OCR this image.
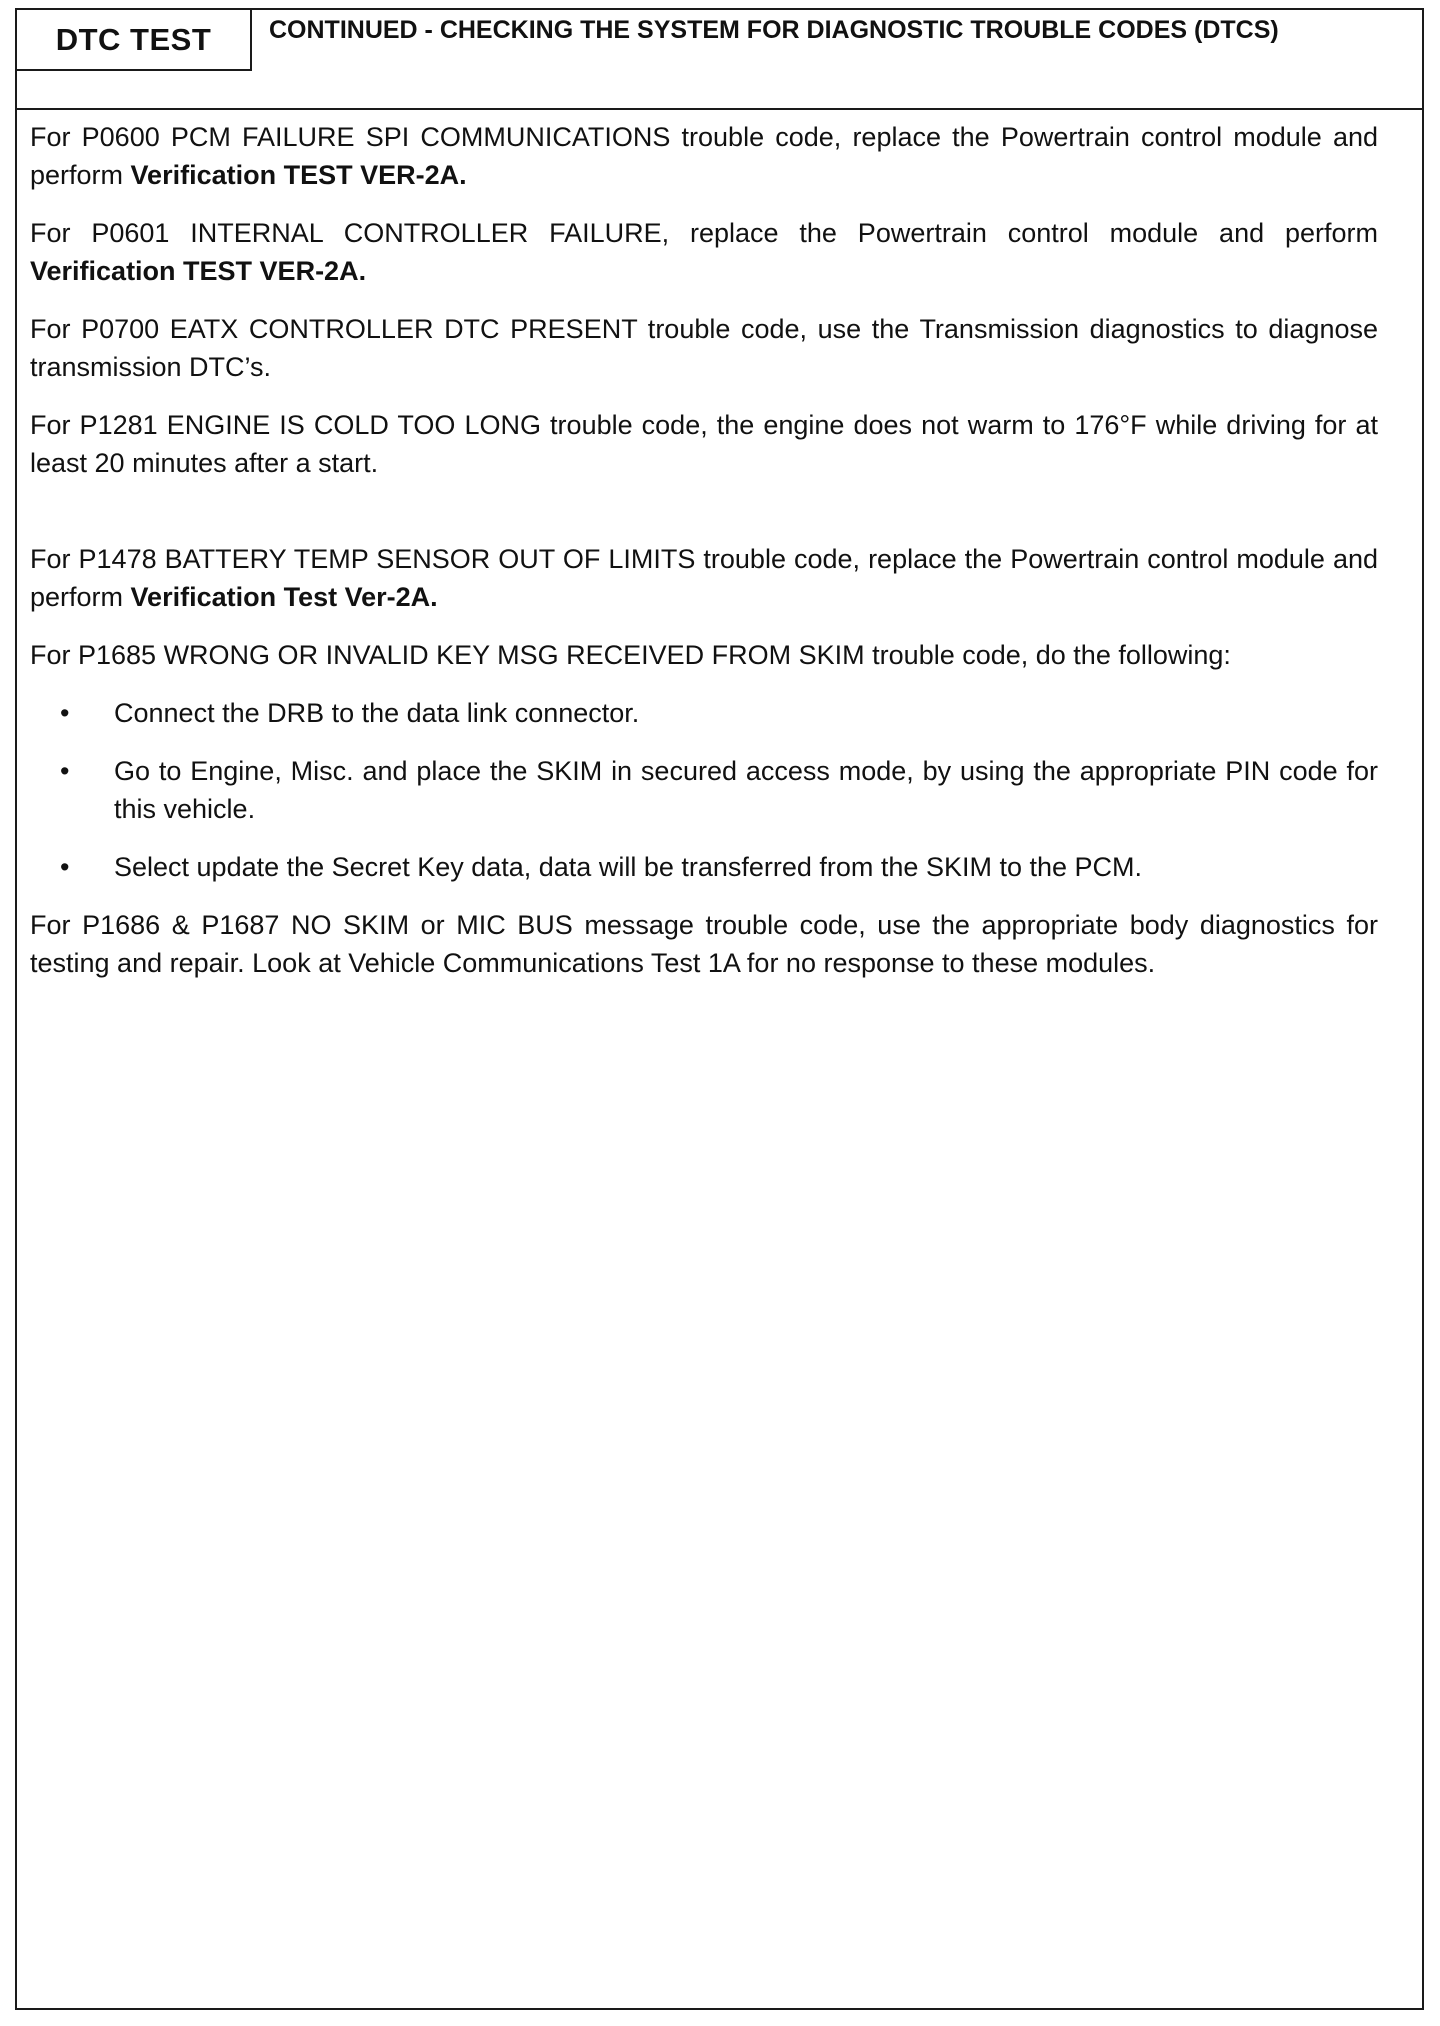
DTC TEST	CONTINUED - CHECKING THE SYSTEM FOR DIAGNOSTIC TROUBLE CODES (DTCS)

For P0600 PCM FAILURE SPI COMMUNICATIONS trouble code, replace the Powertrain control module and perform Verification TEST VER-2A.

For P0601 INTERNAL CONTROLLER FAILURE, replace the Powertrain control module and perform Verification TEST VER-2A.

For P0700 EATX CONTROLLER DTC PRESENT trouble code, use the Transmission diagnostics to diagnose transmission DTC’s.

For P1281 ENGINE IS COLD TOO LONG trouble code, the engine does not warm to 176°F while driving for at least 20 minutes after a start.

For P1478 BATTERY TEMP SENSOR OUT OF LIMITS trouble code, replace the Powertrain control module and perform Verification Test Ver-2A.

For P1685 WRONG OR INVALID KEY MSG RECEIVED FROM SKIM trouble code, do the following:

• Connect the DRB to the data link connector.
• Go to Engine, Misc. and place the SKIM in secured access mode, by using the appropriate PIN code for this vehicle.
• Select update the Secret Key data, data will be transferred from the SKIM to the PCM.

For P1686 & P1687 NO SKIM or MIC BUS message trouble code, use the appropriate body diagnostics for testing and repair. Look at Vehicle Communications Test 1A for no response to these modules.
